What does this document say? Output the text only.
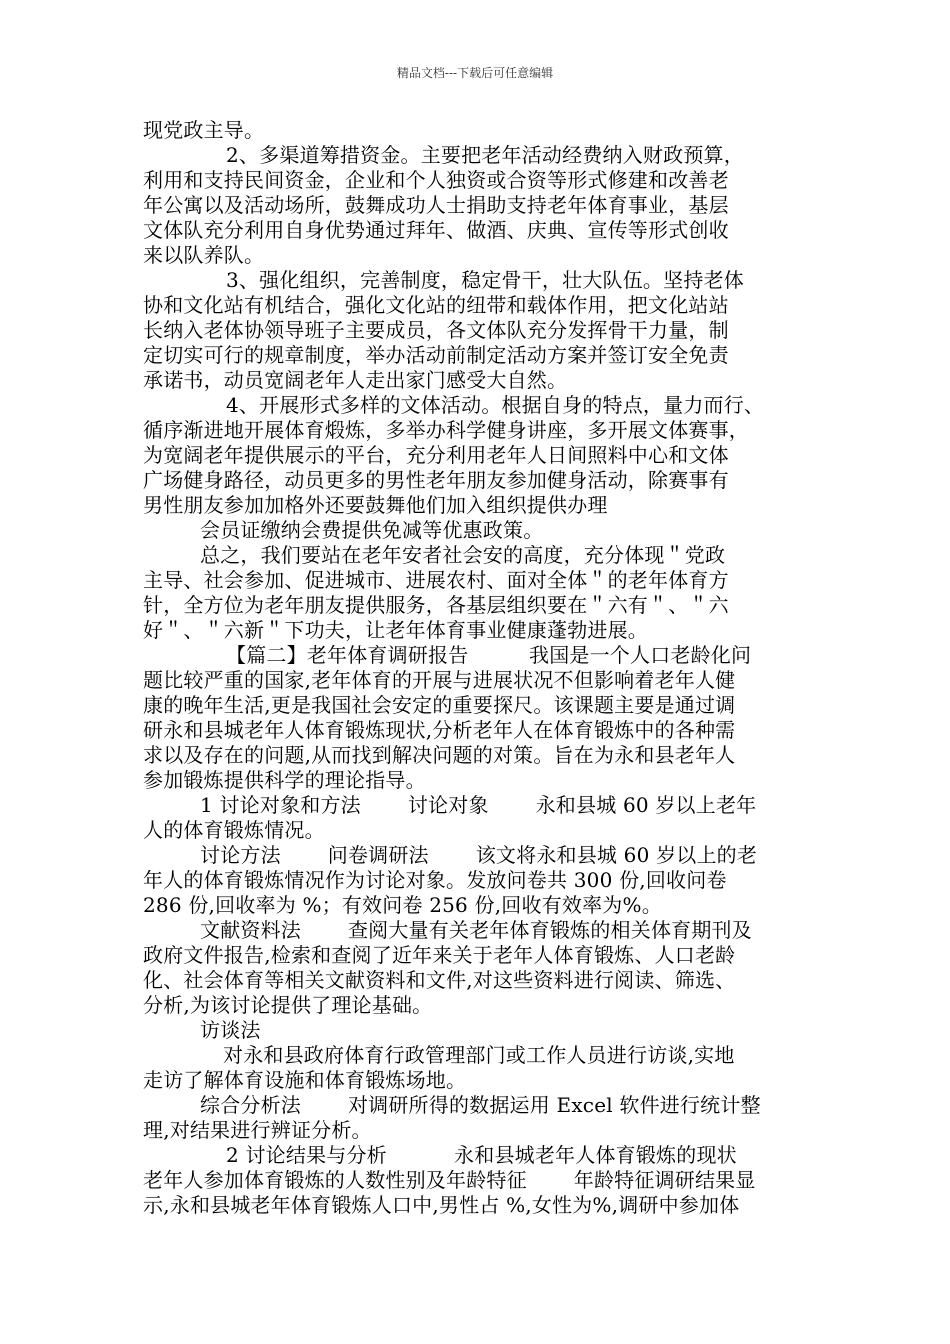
精品文档---下载后可任意编辑
现党政主导。
2、多渠道筹措资金。主要把老年活动经费纳入财政预算，
利用和支持民间资金，企业和个人独资或合资等形式修建和改善老
年公寓以及活动场所，鼓舞成功人士捐助支持老年体育事业，基层
文体队充分利用自身优势通过拜年、做酒、庆典、宣传等形式创收
来以队养队。
3、强化组织，完善制度，稳定骨干，壮大队伍。坚持老体
协和文化站有机结合，强化文化站的纽带和载体作用，把文化站站
长纳入老体协领导班子主要成员，各文体队充分发挥骨干力量，制
定切实可行的规章制度，举办活动前制定活动方案并签订安全免责
承诺书，动员宽阔老年人走出家门感受大自然。
4、开展形式多样的文体活动。根据自身的特点，量力而行、
循序渐进地开展体育煅炼，多举办科学健身讲座，多开展文体赛事，
为宽阔老年提供展示的平台，充分利用老年人日间照料中心和文体
广场健身路径，动员更多的男性老年朋友参加健身活动，除赛事有
男性朋友参加加格外还要鼓舞他们加入组织提供办理
会员证缴纳会费提供免减等优惠政策。
总之，我们要站在老年安者社会安的高度，充分体现＂党政
主导、社会参加、促进城市、进展农村、面对全体＂的老年体育方
针，全方位为老年朋友提供服务，各基层组织要在＂六有＂、＂六
好＂、＂六新＂下功夫，让老年体育事业健康蓬勃进展。
【篇二】老年体育调研报告　　　我国是一个人口老龄化问
题比较严重的国家,老年体育的开展与进展状况不但影响着老年人健
康的晚年生活,更是我国社会安定的重要探尺。该课题主要是通过调
研永和县城老年人体育锻炼现状,分析老年人在体育锻炼中的各种需
求以及存在的问题,从而找到解决问题的对策。旨在为永和县老年人
参加锻炼提供科学的理论指导。
1 讨论对象和方法　　 讨论对象　　 永和县城 60 岁以上老年
人的体育锻炼情况。
讨论方法　　 问卷调研法　　 该文将永和县城 60 岁以上的老
年人的体育锻炼情况作为讨论对象。发放问卷共 300 份,回收问卷
286 份,回收率为 %；有效问卷 256 份,回收有效率为%。
文献资料法　　 查阅大量有关老年体育锻炼的相关体育期刊及
政府文件报告,检索和查阅了近年来关于老年人体育锻炼、人口老龄
化、社会体育等相关文献资料和文件,对这些资料进行阅读、筛选、
分析,为该讨论提供了理论基础。
访谈法
对永和县政府体育行政管理部门或工作人员进行访谈,实地
走访了解体育设施和体育锻炼场地。
综合分析法　　 对调研所得的数据运用 Excel 软件进行统计整
理,对结果进行辨证分析。
2 讨论结果与分析　　　 永和县城老年人体育锻炼的现状
老年人参加体育锻炼的人数性别及年龄特征　　 年龄特征调研结果显
示,永和县城老年体育锻炼人口中,男性占 %,女性为%,调研中参加体
